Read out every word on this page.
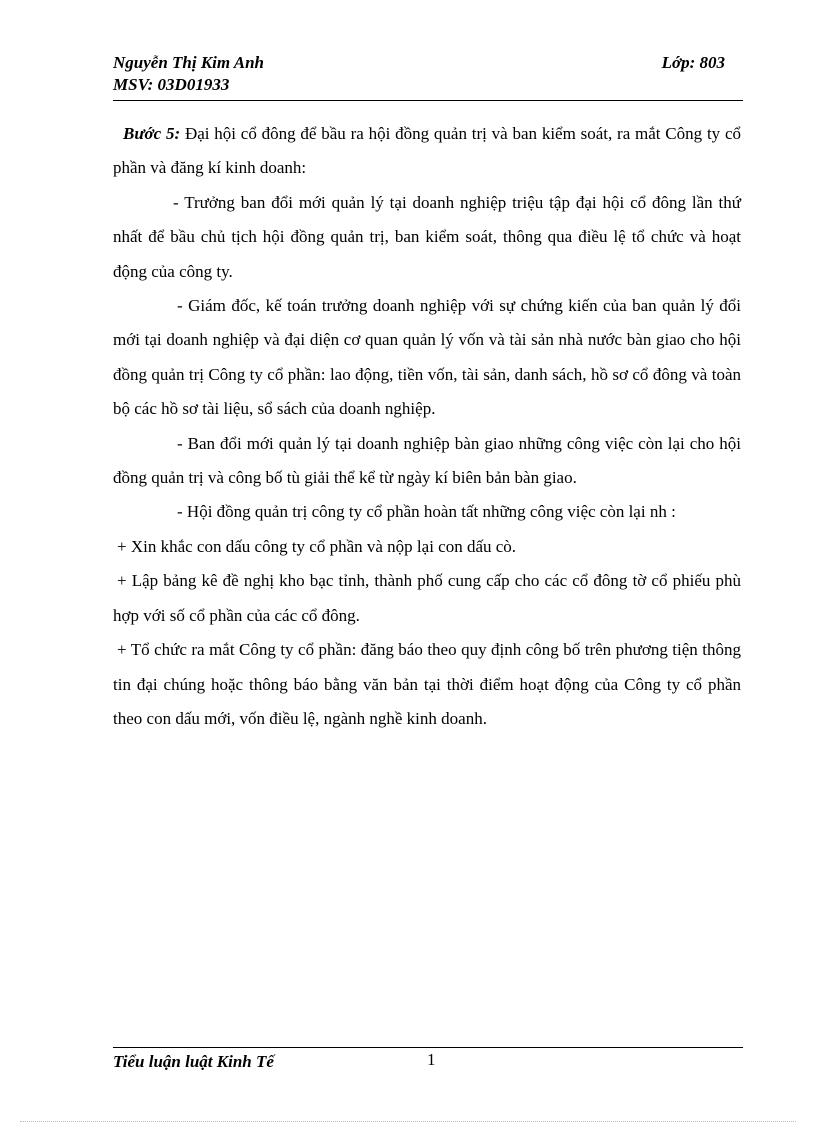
Nguyễn Thị Kim Anh
MSV: 03D01933
Lớp: 803

Bước 5: Đại hội cổ đông để bầu ra hội đồng quản trị và ban kiểm soát, ra mắt Công ty cổ phần và đăng kí kinh doanh:

- Trưởng ban đổi mới quản lý tại doanh nghiệp triệu tập đại hội cổ đông lần thứ nhất để bầu chủ tịch hội đồng quản trị, ban kiểm soát, thông qua điều lệ tổ chức và hoạt động của công ty.

- Giám đốc, kế toán trưởng doanh nghiệp với sự chứng kiến của ban quản lý đổi mới tại doanh nghiệp và đại diện cơ quan quản lý vốn và tài sản nhà nước bàn giao cho hội đồng quản trị Công ty cổ phần: lao động, tiền vốn, tài sản, danh sách, hồ sơ cổ đông và toàn bộ các hồ sơ tài liệu, sổ sách của doanh nghiệp.

- Ban đổi mới quản lý tại doanh nghiệp bàn giao những công việc còn lại cho hội đồng quản trị và công bố tù giải thể kể từ ngày kí biên bản bàn giao.

- Hội đồng quản trị công ty cổ phần hoàn tất những công việc còn lại nh :

+ Xin khắc con dấu công ty cổ phần và nộp lại con dấu cò.

+ Lập bảng kê đề nghị kho bạc tỉnh, thành phố cung cấp cho các cổ đông tờ cổ phiếu phù hợp với số cổ phần của các cổ đông.

+ Tổ chức ra mắt Công ty cổ phần: đăng báo theo quy định công bố trên phương tiện thông tin đại chúng hoặc thông báo bằng văn bản tại thời điểm hoạt động của Công ty cổ phần theo con dấu mới, vốn điều lệ, ngành nghề kinh doanh.

Tiểu luận luật Kinh Tế	1
